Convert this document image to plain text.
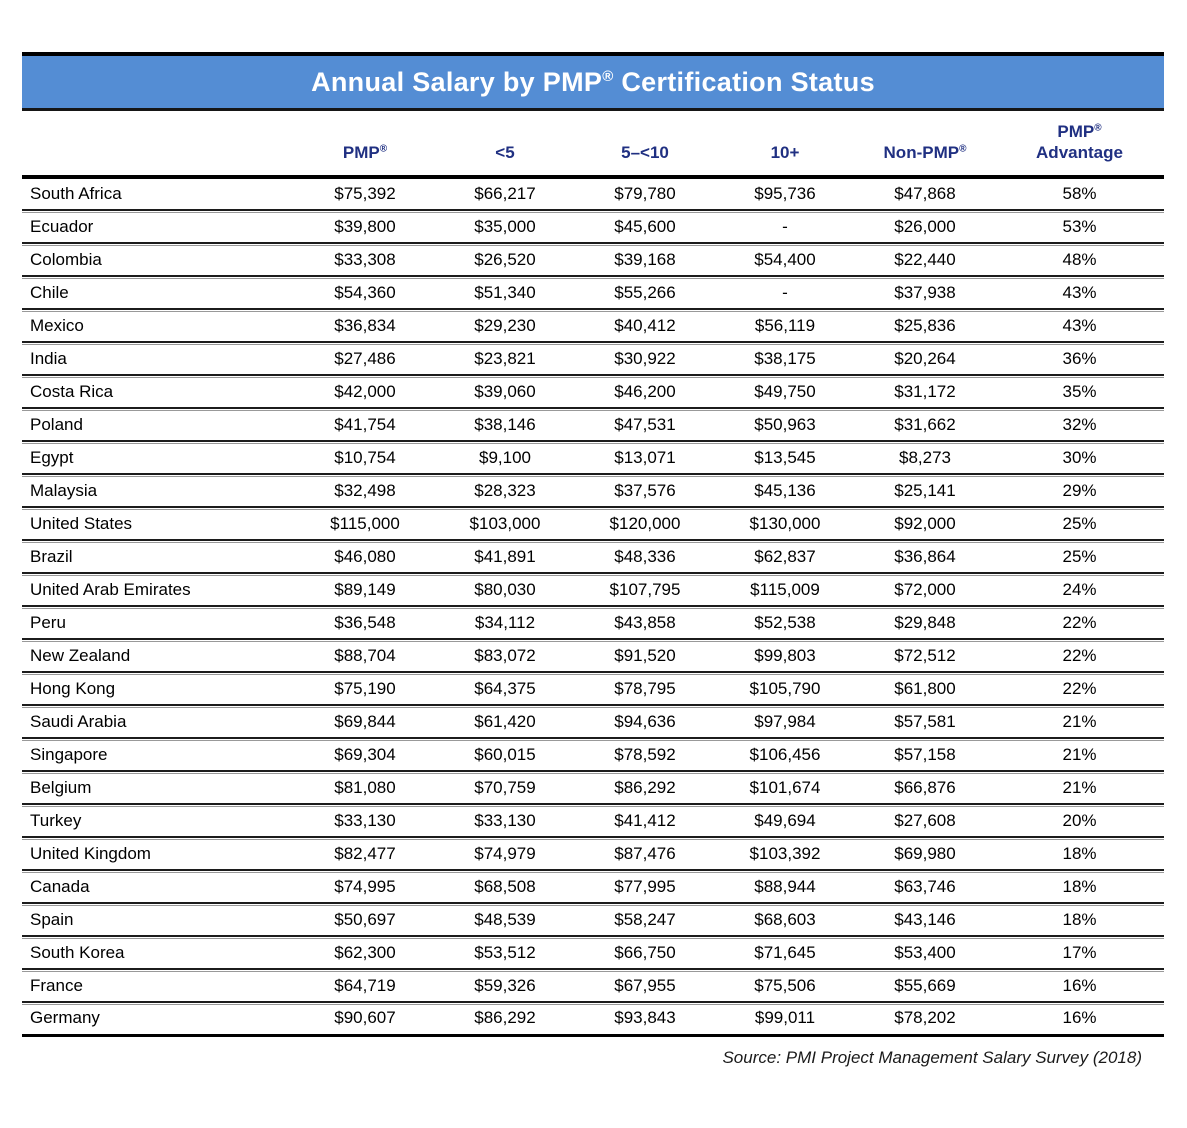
Annual Salary by PMP® Certification Status
	PMP®	<5	5–<10	10+	Non-PMP®	PMP®
Advantage
South Africa	$75,392	$66,217	$79,780	$95,736	$47,868	58%
Ecuador	$39,800	$35,000	$45,600	-	$26,000	53%
Colombia	$33,308	$26,520	$39,168	$54,400	$22,440	48%
Chile	$54,360	$51,340	$55,266	-	$37,938	43%
Mexico	$36,834	$29,230	$40,412	$56,119	$25,836	43%
India	$27,486	$23,821	$30,922	$38,175	$20,264	36%
Costa Rica	$42,000	$39,060	$46,200	$49,750	$31,172	35%
Poland	$41,754	$38,146	$47,531	$50,963	$31,662	32%
Egypt	$10,754	$9,100	$13,071	$13,545	$8,273	30%
Malaysia	$32,498	$28,323	$37,576	$45,136	$25,141	29%
United States	$115,000	$103,000	$120,000	$130,000	$92,000	25%
Brazil	$46,080	$41,891	$48,336	$62,837	$36,864	25%
United Arab Emirates	$89,149	$80,030	$107,795	$115,009	$72,000	24%
Peru	$36,548	$34,112	$43,858	$52,538	$29,848	22%
New Zealand	$88,704	$83,072	$91,520	$99,803	$72,512	22%
Hong Kong	$75,190	$64,375	$78,795	$105,790	$61,800	22%
Saudi Arabia	$69,844	$61,420	$94,636	$97,984	$57,581	21%
Singapore	$69,304	$60,015	$78,592	$106,456	$57,158	21%
Belgium	$81,080	$70,759	$86,292	$101,674	$66,876	21%
Turkey	$33,130	$33,130	$41,412	$49,694	$27,608	20%
United Kingdom	$82,477	$74,979	$87,476	$103,392	$69,980	18%
Canada	$74,995	$68,508	$77,995	$88,944	$63,746	18%
Spain	$50,697	$48,539	$58,247	$68,603	$43,146	18%
South Korea	$62,300	$53,512	$66,750	$71,645	$53,400	17%
France	$64,719	$59,326	$67,955	$75,506	$55,669	16%
Germany	$90,607	$86,292	$93,843	$99,011	$78,202	16%
Source: PMI Project Management Salary Survey (2018)
